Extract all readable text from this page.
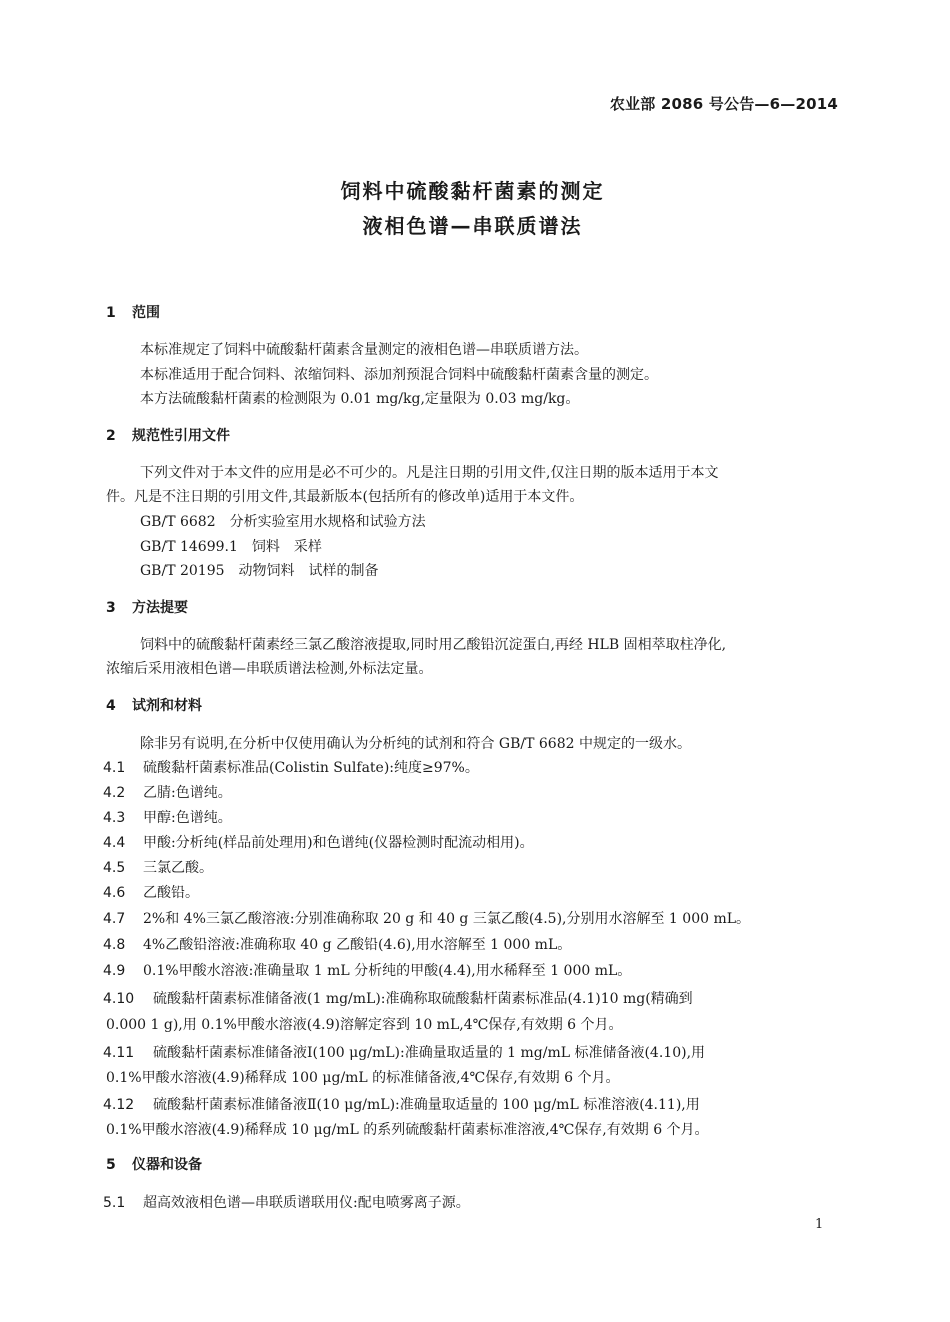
农业部 2086 号公告—6—2014
饲料中硫酸黏杆菌素的测定
液相色谱—串联质谱法
1 范围
本标准规定了饲料中硫酸黏杆菌素含量测定的液相色谱—串联质谱方法。
本标准适用于配合饲料、浓缩饲料、添加剂预混合饲料中硫酸黏杆菌素含量的测定。
本方法硫酸黏杆菌素的检测限为 0.01 mg/kg,定量限为 0.03 mg/kg。
2 规范性引用文件
下列文件对于本文件的应用是必不可少的。凡是注日期的引用文件,仅注日期的版本适用于本文
件。凡是不注日期的引用文件,其最新版本(包括所有的修改单)适用于本文件。
GB/T 6682　分析实验室用水规格和试验方法
GB/T 14699.1　饲料　采样
GB/T 20195　动物饲料　试样的制备
3 方法提要
饲料中的硫酸黏杆菌素经三氯乙酸溶液提取,同时用乙酸铅沉淀蛋白,再经 HLB 固相萃取柱净化,
浓缩后采用液相色谱—串联质谱法检测,外标法定量。
4 试剂和材料
除非另有说明,在分析中仅使用确认为分析纯的试剂和符合 GB/T 6682 中规定的一级水。
4.1 硫酸黏杆菌素标准品(Colistin Sulfate):纯度≥97%。
4.2 乙腈:色谱纯。
4.3 甲醇:色谱纯。
4.4 甲酸:分析纯(样品前处理用)和色谱纯(仪器检测时配流动相用)。
4.5 三氯乙酸。
4.6 乙酸铅。
4.7 2%和 4%三氯乙酸溶液:分别准确称取 20 g 和 40 g 三氯乙酸(4.5),分别用水溶解至 1 000 mL。
4.8 4%乙酸铅溶液:准确称取 40 g 乙酸铅(4.6),用水溶解至 1 000 mL。
4.9 0.1%甲酸水溶液:准确量取 1 mL 分析纯的甲酸(4.4),用水稀释至 1 000 mL。
4.10 硫酸黏杆菌素标准储备液(1 mg/mL):准确称取硫酸黏杆菌素标准品(4.1)10 mg(精确到
0.000 1 g),用 0.1%甲酸水溶液(4.9)溶解定容到 10 mL,4℃保存,有效期 6 个月。
4.11 硫酸黏杆菌素标准储备液Ⅰ(100 μg/mL):准确量取适量的 1 mg/mL 标准储备液(4.10),用
0.1%甲酸水溶液(4.9)稀释成 100 μg/mL 的标准储备液,4℃保存,有效期 6 个月。
4.12 硫酸黏杆菌素标准储备液Ⅱ(10 μg/mL):准确量取适量的 100 μg/mL 标准溶液(4.11),用
0.1%甲酸水溶液(4.9)稀释成 10 μg/mL 的系列硫酸黏杆菌素标准溶液,4℃保存,有效期 6 个月。
5 仪器和设备
5.1 超高效液相色谱—串联质谱联用仪:配电喷雾离子源。
1
